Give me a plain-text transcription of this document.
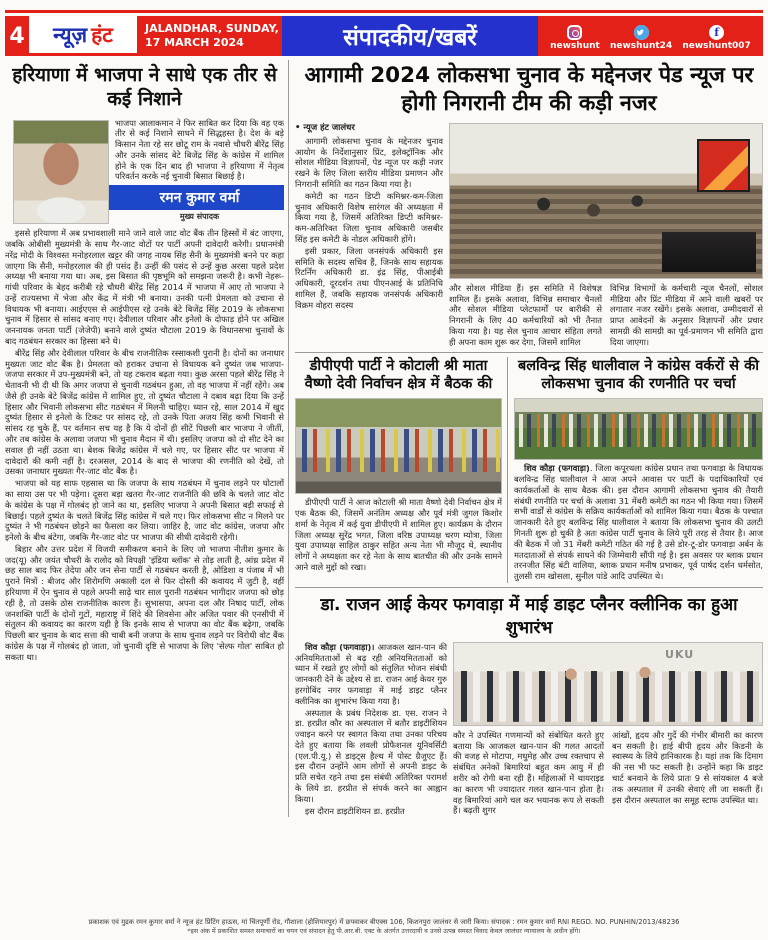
4 न्यूज़ हंट	JALANDHAR, SUNDAY,
17 MARCH 2024	संपादकीय/खबरें	newshunt newshunt24
f
newshunt007
हरियाणा में भाजपा ने साधे एक तीर से कई निशाने
भाजपा आलाकमान ने फिर साबित कर दिया कि वह एक तीर से कई निशाने साधने में सिद्धहस्त है। देश के बड़े किसान नेता रहे सर छोटू राम के नवासे चौधरी बीरेंद्र सिंह और उनके सांसद बेटे बिजेंद्र सिंह के कांग्रेस में शामिल होने के एक दिन बाद ही भाजपा ने हरियाणा में नेतृत्व परिवर्तन करके नई चुनावी बिसात बिछाई है।
रमन कुमार वर्मा
मुख्य संपादक

इससे हरियाणा में अब प्रभावशाली माने जाने वाले जाट वोट बैंक तीन हिस्सों में बंट जाएगा, जबकि ओबीसी मुख्यमंत्री के साथ गैर-जाट वोटों पर पार्टी अपनी दावेदारी करेगी। प्रधानमंत्री नरेंद्र मोदी के विश्वस्त मनोहरलाल खट्टर की जगह नायब सिंह सैनी के मुख्यमंत्री बनने पर कहा जाएगा कि सैनी, मनोहरलाल की ही पसंद हैं। उन्हीं की पसंद से उन्हें कुछ अरसा पहले प्रदेश अध्यक्ष भी बनाया गया था। अब, इस बिसात की पृष्ठभूमि को समझना जरूरी है। कभी नेहरू-गांधी परिवार के बेहद करीबी रहे चौधरी बीरेंद्र सिंह 2014 में भाजपा में आए तो भाजपा ने उन्हें राज्यसभा में भेजा और केंद्र में मंत्री भी बनाया। उनकी पत्नी प्रेमलता को उचाना से विधायक भी बनाया। आईएएस से आईपीएस रहे उनके बेटे बिजेंद्र सिंह 2019 के लोकसभा चुनाव में हिसार से सांसद बनाए गए। देवीलाल परिवार और इनेलो के दोफाड़ होने पर अखिल जननायक जनता पार्टी (जेजेपी) बनाने वाले दुष्यंत चौटाला 2019 के विधानसभा चुनावों के बाद गठबंधन सरकार का हिस्सा बने थे।

बीरेंद्र सिंह और देवीलाल परिवार के बीच राजनीतिक रस्साकशी पुरानी है। दोनों का जनाधार मुख्यतः जाट वोट बैंक है। प्रेमलता को हराकर उचाना से विधायक बने दुष्यंत जब भाजपा-जजपा सरकार में उप-मुख्यमंत्री बने, तो यह टकराव बढ़ता गया। कुछ अरसा पहले बीरेंद्र सिंह ने चेतावनी भी दी थी कि अगर जजपा से चुनावी गठबंधन हुआ, तो वह भाजपा में नहीं रहेंगे। अब जैसे ही उनके बेटे बिजेंद्र कांग्रेस में शामिल हुए, तो दुष्यंत चौटाला ने दबाव बढ़ा दिया कि उन्हें हिसार और भिवानी लोकसभा सीट गठबंधन में मिलनी चाहिए। ध्यान रहे, साल 2014 में खुद दुष्यंत हिसार से इनेलो के टिकट पर सांसद रहे, तो उनके पिता अजय सिंह कभी भिवानी से सांसद रह चुके हैं, पर वर्तमान सच यह है कि ये दोनों ही सीटें पिछली बार भाजपा ने जीतीं, और तब कांग्रेस के अलावा जजपा भी चुनाव मैदान में थी। इसलिए जजपा को दो सीट देने का सवाल ही नहीं उठता था। बेशक बिजेंद्र कांग्रेस में चले गए, पर हिसार सीट पर भाजपा में दावेदारों की कमी नहीं है। दरअसल, 2014 के बाद से भाजपा की रणनीति को देखें, तो उसका जनाधार मुख्यतः गैर-जाट वोट बैंक है।

भाजपा को यह साफ एहसास था कि जजपा के साथ गठबंधन में चुनाव लड़ने पर घोटालों का साया उस पर भी पड़ेगा। दूसरा बड़ा खतरा गैर-जाट राजनीति की छवि के चलते जाट वोट के कांग्रेस के पक्ष में गोलबंद हो जाने का था, इसलिए भाजपा ने अपनी बिसात बड़ी सफाई से बिछाई। पहले दुष्यंत के चलते बिजेंद्र सिंह कांग्रेस में चले गए। फिर लोकसभा सीट न मिलने पर दुष्यंत ने भी गठबंधन छोड़ने का फैसला कर लिया। जाहिर है, जाट वोट कांग्रेस, जजपा और इनेलो के बीच बंटेगा, जबकि गैर-जाट वोट पर भाजपा की सीधी दावेदारी रहेगी।

बिहार और उत्तर प्रदेश में विजयी समीकरण बनाने के लिए जो भाजपा नीतीश कुमार के जद(यू) और जयंत चौधरी के रालोद को विपक्षी 'इंडिया ब्लॉक' से तोड़ लाती है, आंध्र प्रदेश में छह साल बाद फिर तेदेपा और जन सेना पार्टी से गठबंधन करती है, ओडिशा व पंजाब में भी पुराने मित्रों : बीजद और शिरोमणि अकाली दल से फिर दोस्ती की कवायद में जुटी है, वहीं हरियाणा में ऐन चुनाव से पहले अपनी साढ़े चार साल पुरानी गठबंधन भागीदार जजपा को छोड़ रही है, तो उसके ठोस राजनीतिक कारण हैं। सुभासपा, अपना दल और निषाद पार्टी, लोक जनशक्ति पार्टी के दोनों गुटों, महाराष्ट्र में शिंदे की शिवसेना और अजित पवार की एनसीपी में संतुलन की कवायद का कारण यही है कि इनके साथ से भाजपा का वोट बैंक बढ़ेगा, जबकि पिछली बार चुनाव के बाद सत्ता की चाबी बनी जजपा के साथ चुनाव लड़ने पर विरोधी वोट बैंक कांग्रेस के पक्ष में गोलबंद हो जाता, जो चुनावी दृष्टि से भाजपा के लिए 'सेल्फ गोल' साबित हो सकता था।

आगामी 2024 लोकसभा चुनाव के मद्देनजर पेड न्यूज पर होगी निगरानी टीम की कड़ी नजर
• न्यूज हंट जालंधर

आगामी लोकसभा चुनाव के मद्देनजर चुनाव आयोग के निर्देशानुसार प्रिंट, इलेक्ट्रॉनिक और सोशल मीडिया विज्ञापनों, पेड न्यूज पर कड़ी नजर रखने के लिए जिला स्तरीय मीडिया प्रमाणन और निगरानी समिति का गठन किया गया है।

कमेटी का गठन डिप्टी कमिश्नर-कम-जिला चुनाव अधिकारी विशेष सारंगल की अध्यक्षता में किया गया है, जिसमें अतिरिक्त डिप्टी कमिश्नर-कम-अतिरिक्त जिला चुनाव अधिकारी जसबीर सिंह इस कमेटी के नोडल अधिकारी होंगे।

इसी प्रकार, जिला जनसंपर्क अधिकारी इस समिति के सदस्य सचिव हैं, जिनके साथ सहायक रिटर्निंग अधिकारी डा. इंद्र सिंह, पीआईबी अधिकारी, दूरदर्शन तथा पीएनआई के प्रतिनिधि शामिल हैं, जबकि सहायक जनसंपर्क अधिकारी विक्रम वोहरा सदस्य

और सोशल मीडिया हैं। इस समिति में विशेषज्ञ शामिल हैं। इसके अलावा, विभिन्न समाचार चैनलों और सोशल मीडिया प्लेटफार्मों पर बारीकी से निगरानी के लिए 40 कर्मचारियों को भी तैनात किया गया है। यह सेल चुनाव आचार संहिता लगते ही अपना काम शुरू कर देगा, जिसमें शामिल
विभिन्न विभागों के कर्मचारी न्यूज चैनलों, सोशल मीडिया और प्रिंट मीडिया में आने वाली खबरों पर लगातार नजर रखेंगे। इसके अलावा, उम्मीदवारों से प्राप्त आवेदनों के अनुसार विज्ञापनों और प्रचार सामग्री की सामग्री का पूर्व-प्रमाणन भी समिति द्वारा दिया जाएगा।
डीपीएपी पार्टी ने कोटाली श्री माता वैष्णो देवी निर्वाचन क्षेत्र में बैठक की

डीपीएपी पार्टी ने आज कोटाली श्री माता वैष्णो देवी निर्वाचन क्षेत्र में एक बैठक की, जिसमें अनंतिम अध्यक्ष और पूर्व मंत्री जुगल किशोर शर्मा के नेतृत्व में कई युवा डीपीएपी में शामिल हुए। कार्यक्रम के दौरान जिला अध्यक्ष सुरेंद्र भगत, जिला वरिष्ठ उपाध्यक्ष चरण म्योत्रा, जिला युवा उपाध्यक्ष साहिल ठाकुर सहित अन्य नेता भी मौजूद थे, स्थानीय लोगों ने अध्यक्षता कर रहे नेता के साथ बातचीत की और उनके सामने आने वाले मुद्दों को रखा।

बलविन्द्र सिंह धालीवाल ने कांग्रेस वर्करों से की लोकसभा चुनाव की रणनीति पर चर्चा

शिव कौड़ा (फगवाड़ा). जिला कपूरथला कांग्रेस प्रधान तथा फगवाड़ा के विधायक बलविन्द्र सिंह धालीवाल ने आज अपने आवास पर पार्टी के पदाधिकारियों एवं कार्यकर्ताओं के साथ बैठक की। इस दौरान आगामी लोकसभा चुनाव की तैयारी संबंधी रणनीति पर चर्चा के अलावा 31 मेंबरी कमेटी का गठन भी किया गया। जिसमें सभी वार्डों से कांग्रेस के सक्रिय कार्यकर्ताओं को शामिल किया गया। बैठक के पश्चात जानकारी देते हुए बलविन्द्र सिंह धालीवाल ने बताया कि लोकसभा चुनाव की उलटी गिनती शुरू हो चुकी है अतः कांग्रेस पार्टी चुनाव के लिये पूरी तरह से तैयार है। आज की बैठक में जो 31 मेंबरी कमेटी गठित की गई है उसे डोर-टू-डोर फगवाड़ा अर्बन के मतदाताओं से संपर्क साधने की जिम्मेवारी सौंपी गई है। इस अवसर पर ब्लाक प्रधान तरनजीत सिंह बंटी वालिया, ब्लाक प्रधान मनीष प्रभाकर, पूर्व पार्षद दर्शन धर्मसोत, तुलसी राम खोसला, सुनील पांडे आदि उपस्थित थे।

डा. राजन आई केयर फगवाड़ा में माई डाइट प्लैनर क्लीनिक का हुआ शुभारंभ

शिव कौड़ा (फगवाड़ा)। आजकल खान-पान की अनियमितताओं से बढ़ रही अनियमितताओं को ध्यान में रखते हुए लोगों को संतुलित भोजन संबंधी जानकारी देने के उद्देश्य से डा. राजन आई केयर गुरु हरगोबिंद नगर फगवाड़ा में माई डाइट प्लैनर क्लीनिक का शुभारंभ किया गया है।

अस्पताल के प्रबंध निदेशक डा. एस. राजन ने डा. हरप्रीत कौर का अस्पताल में बतौर डाइटीशियन ज्वाइन करने पर स्वागत किया तथा उनका परिचय देते हुए बताया कि लवली प्रोफैशनल यूनिवर्सिटी (एल.पी.यू.) से डाइट्स हैल्थ में पोस्ट ग्रैजुएट हैं। इस दौरान उन्होंने आम लोगों से अपनी डाइट के प्रति सचेत रहने तथा इस संबंधी अतिरिक्त परामर्श के लिये डा. हरप्रीत से संपर्क करने का आह्वान किया।

इस दौरान डाइटीशियन डा. हरप्रीत

UKU
कौर ने उपस्थित गणमान्यों को संबोधित करते हुए बताया कि आजकल खान-पान की गलत आदतों की वजह से मोटापा, मधुमेह और उच्च रक्तचाप से संबंधित अनेकों बिमारियां बहुत कम आयु में ही शरीर को रोगी बना रही हैं। महिलाओं में थायराइड का कारण भी ज्यादातर गलत खान-पान होता है। वह बिमारियां आगे चल कर भयानक रूप ले सकती हैं। बढ़ती शुगर
आंखों, हृदय और गुर्दे की गंभीर बीमारी का कारण बन सकती है। हाई बीपी हृदय और किडनी के स्वास्थ्य के लिये हानिकारक है। यहां तक कि दिमाग की नस भी फट सकती है। उन्होंने कहा कि डाइट चार्ट बनवाने के लिये प्रातः 9 से सांयकाल 4 बजे तक अस्पताल में उनकी सेवाएं ली जा सकती हैं। इस दौरान अस्पताल का समूह स्टाफ उपस्थित था।
प्रकाशक एवं मुद्रक रमन कुमार वर्मा ने न्यूज हंट प्रिंटिंग हाऊस, मां चिंतपूर्णी रोड, गौशाला (होशियारपुर) में छपवाकर बीएक्स 106, किशनपुरा जालंधर से जारी किया। संपादक : रमन कुमार वर्मा RNI REGD. NO. PUNHIN/2013/48236
*इस अंक में प्रकाशित समस्त समाचारों का चयन एवं संपादन हेतु पी.आर.बी. एक्ट के अंतर्गत उत्तरदायी व उनसे उत्पन्न समस्त विवाद केवल जालंधर न्यायालय के अधीन होंगे।
